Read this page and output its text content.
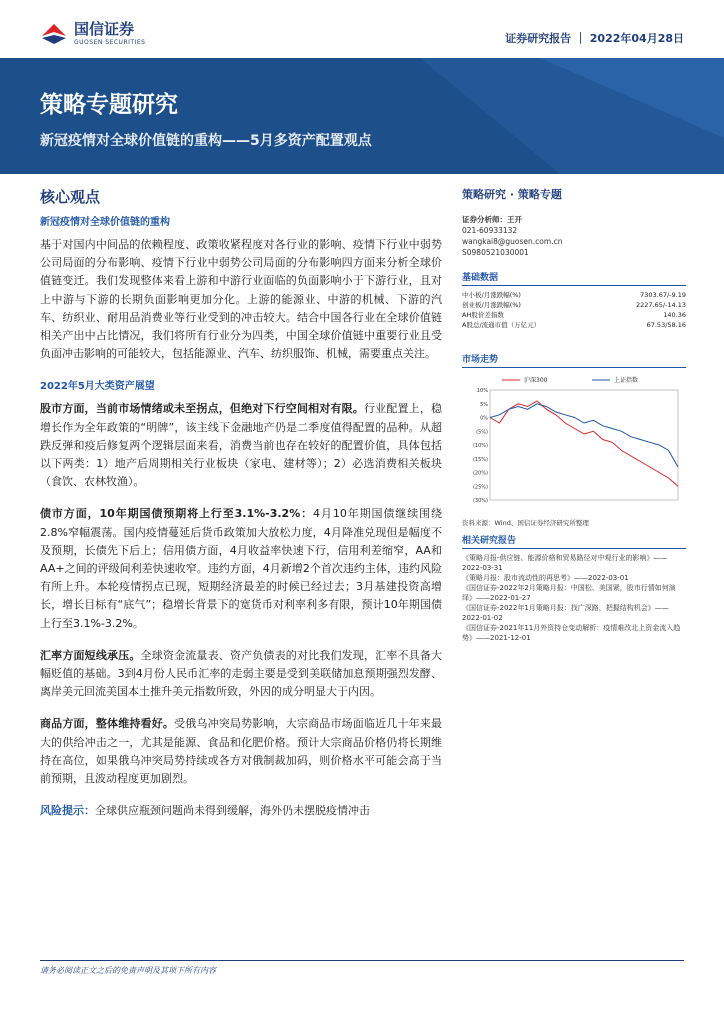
国信证券
GUOSEN SECURITIES	证券研究报告 ｜ 2022年04月28日
策略专题研究
新冠疫情对全球价值链的重构——5月多资产配置观点
核心观点
新冠疫情对全球价值链的重构

基于对国内中间品的依赖程度、政策收紧程度对各行业的影响、疫情下行业中弱势公司局面的分布影响、疫情下行业中弱势公司局面的分布影响四方面来分析全球价值链变迁。我们发现整体来看上游和中游行业面临的负面影响小于下游行业，且对上中游与下游的长期负面影响更加分化。上游的能源业、中游的机械、下游的汽车、纺织业、耐用品消费业等行业受到的冲击较大。结合中国各行业在全球价值链相关产出中占比情况，我们将所有行业分为四类，中国全球价值链中重要行业且受负面冲击影响的可能较大，包括能源业、汽车、纺织服饰、机械，需要重点关注。

2022年5月大类资产展望

股市方面，当前市场情绪或未至拐点，但绝对下行空间相对有限。行业配置上，稳增长作为全年政策的“明牌”，该主线下金融地产仍是二季度值得配置的品种。从超跌反弹和疫后修复两个逻辑层面来看，消费当前也存在较好的配置价值，具体包括以下两类：1）地产后周期相关行业板块（家电、建材等）；2）必选消费相关板块（食饮、农林牧渔）。

债市方面，10年期国债预期将上行至3.1%-3.2%：4月10年期国债继续围绕2.8%窄幅震荡。国内疫情蔓延后货币政策加大放松力度，4月降准兑现但是幅度不及预期，长债先下后上；信用债方面，4月收益率快速下行，信用利差缩窄，AA和AA+之间的评级间利差快速收窄。违约方面，4月新增2个首次违约主体，违约风险有所上升。本轮疫情拐点已现，短期经济最差的时候已经过去；3月基建投资高增长，增长目标有“底气”；稳增长背景下的宽货币对利率利多有限，预计10年期国债上行至3.1%-3.2%。

汇率方面短线承压。全球资金流量表、资产负债表的对比我们发现，汇率不具备大幅贬值的基础。3到4月份人民币汇率的走弱主要是受到美联储加息预期强烈发酵、离岸美元回流美国本土推升美元指数所致，外因的成分明显大于内因。

商品方面，整体维持看好。受俄乌冲突局势影响，大宗商品市场面临近几十年来最大的供给冲击之一，尤其是能源、食品和化肥价格。预计大宗商品价格仍将长期维持在高位，如果俄乌冲突局势持续或各方对俄制裁加码，则价格水平可能会高于当前预期，且波动程度更加剧烈。

风险提示：全球供应瓶颈问题尚未得到缓解，海外仍未摆脱疫情冲击

策略研究 · 策略专题
证券分析师：王开
021-60933132
wangkai8@guosen.com.cn
S0980521030001
基础数据
中小板/月涨跌幅(%)	7303.67/-9.19
创业板/月涨跌幅(%)	2227.65/-14.13
AH股价差指数	140.36
A股总/流通市值（万亿元）	67.53/58.16
市场走势
10%
5%
0%
(5%)
(10%)
(15%)
(20%)
(25%)
(30%)
沪深300	上证指数
资料来源：Wind、国信证券经济研究所整理
相关研究报告
《策略月报-供应链、能源价格和贸易路径对中观行业的影响》——2022-03-31
《策略月报：股市流动性的再思考》——2022-03-01
《国信证券-2022年2月策略月报：中国松、美国紧，股市行情如何演绎》——2022-01-27
《国信证券-2022年1月策略月报：找广深路，把握结构机会》——2022-01-02
《国信证券-2021年11月外资持仓变动解析：疫情难改北上资金流入趋势》——2021-12-01
请务必阅读正文之后的免责声明及其项下所有内容
